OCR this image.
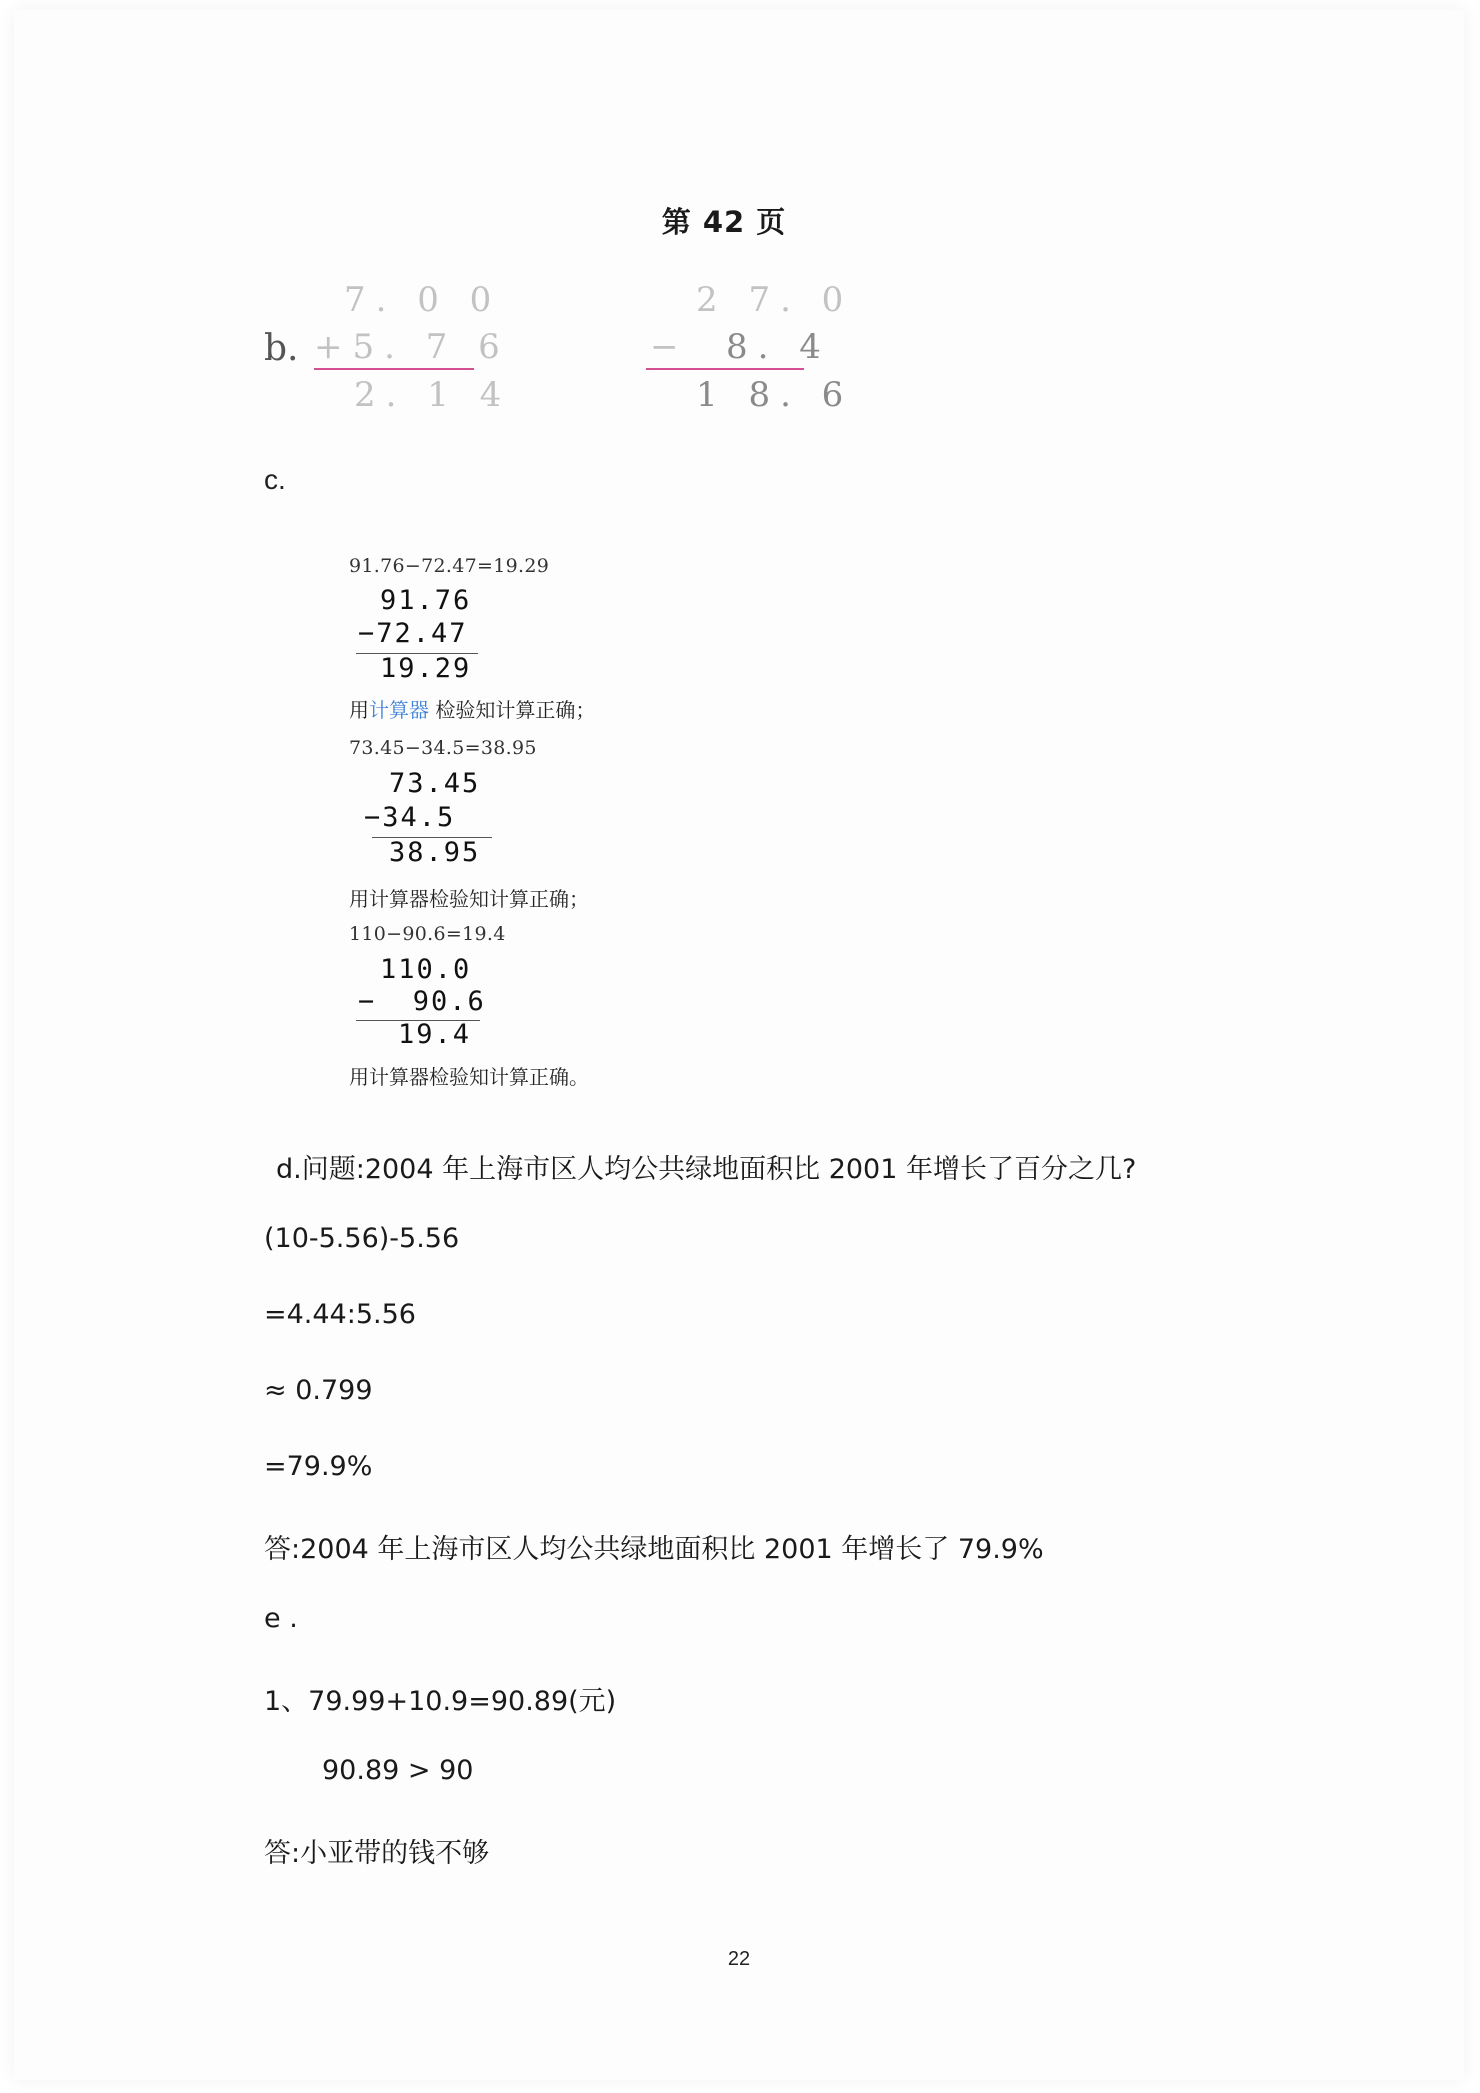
第 42 页
b.
7. 0 0
+5. 7 6
2. 1 4
2 7. 0
− 8. 4
1 8. 6
c.
91.76−72.47=19.29
91.76
−72.47
19.29
用计算器 检验知计算正确；
73.45−34.5=38.95
73.45
−34.5
38.95
用计算器检验知计算正确；
110−90.6=19.4
110.0
−  90.6
19.4
用计算器检验知计算正确。
d.问题:2004 年上海市区人均公共绿地面积比 2001 年增长了百分之几?
(10-5.56)-5.56
=4.44:5.56
≈ 0.799
=79.9%
答:2004 年上海市区人均公共绿地面积比 2001 年增长了 79.9%
e .
1、79.99+10.9=90.89(元)
90.89 > 90
答:小亚带的钱不够
22
